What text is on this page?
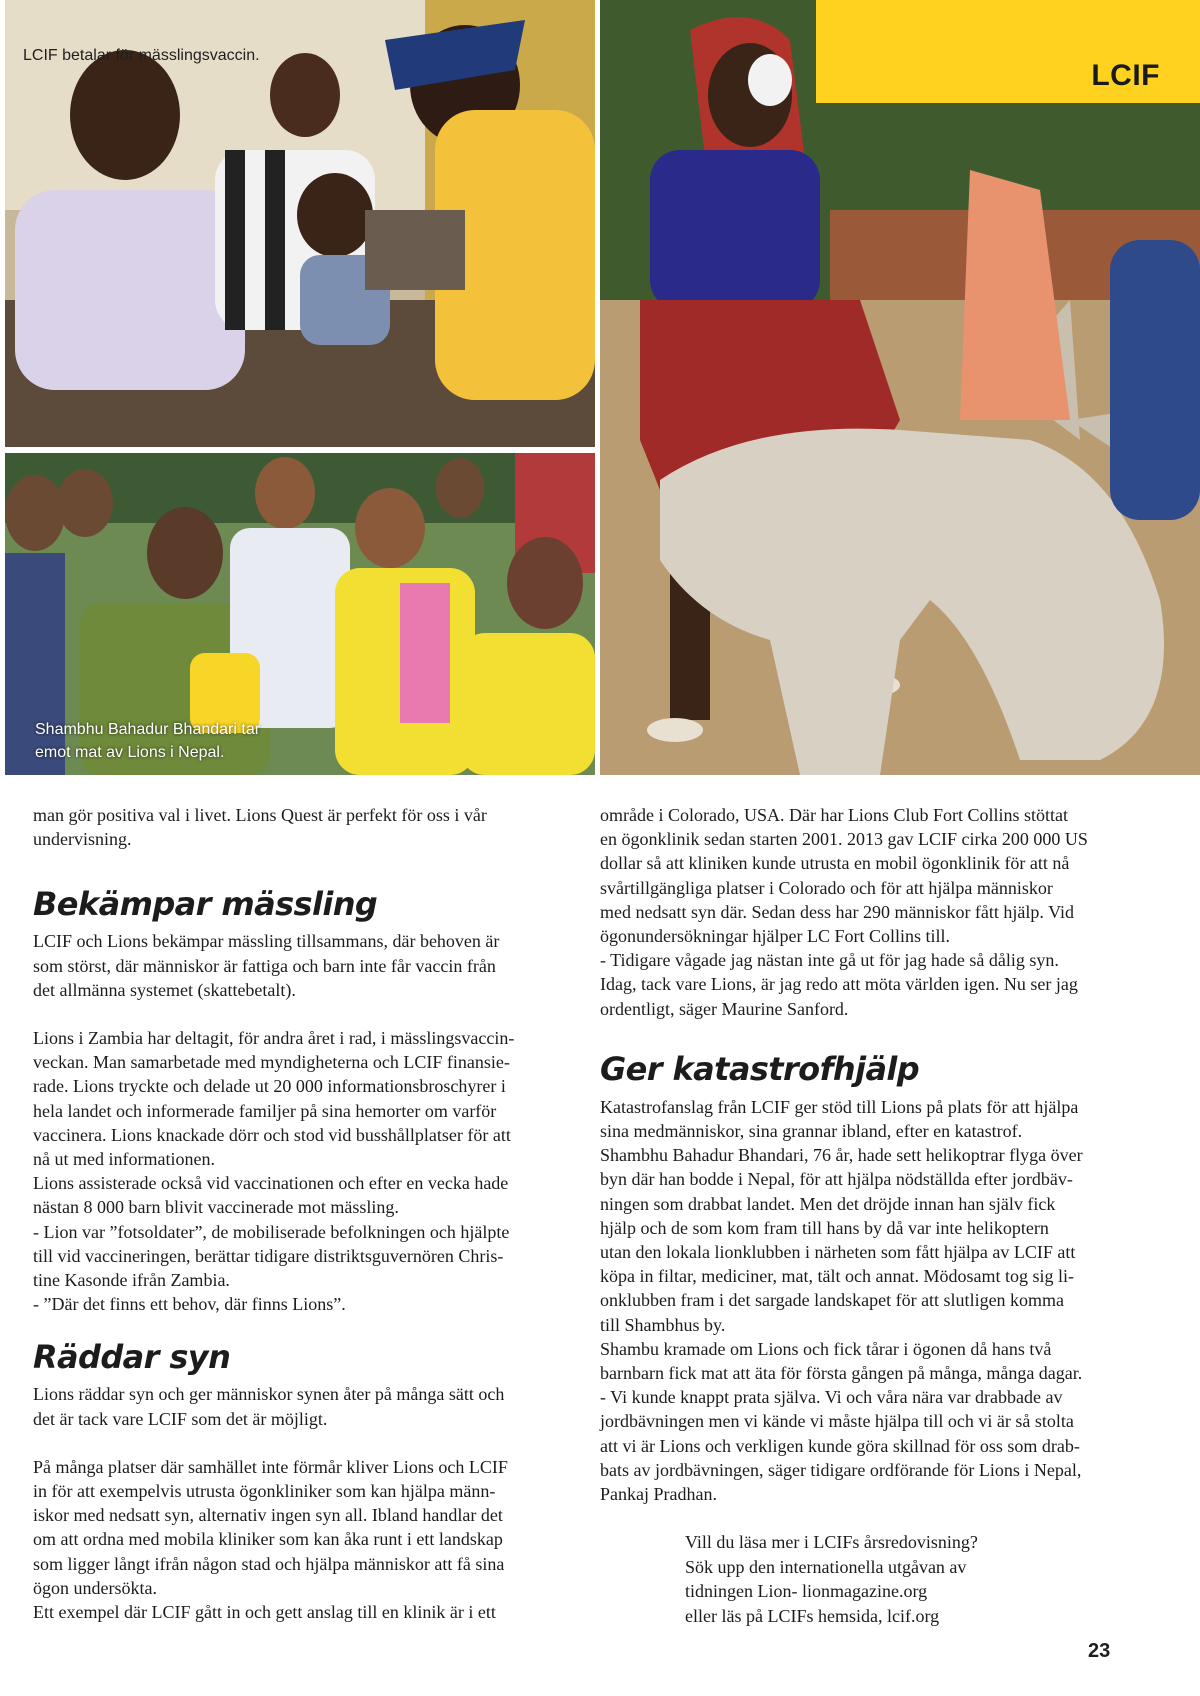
LCIF betalar för mässlingsvaccin.
Shambhu Bahadur Bhandari tar
emot mat av Lions i Nepal.
LCIF

man gör positiva val i livet. Lions Quest är perfekt för oss i vår
undervisning.

Bekämpar mässling

LCIF och Lions bekämpar mässling tillsammans, där behoven är
som störst, där människor är fattiga och barn inte får vaccin från
det allmänna systemet (skattebetalt).

Lions i Zambia har deltagit, för andra året i rad, i mässlingsvaccin-
veckan. Man samarbetade med myndigheterna och LCIF finansie-
rade. Lions tryckte och delade ut 20 000 informationsbroschyrer i
hela landet och informerade familjer på sina hemorter om varför
vaccinera. Lions knackade dörr och stod vid busshållplatser för att
nå ut med informationen.
Lions assisterade också vid vaccinationen och efter en vecka hade
nästan 8 000 barn blivit vaccinerade mot mässling.
- Lion var ”fotsoldater”, de mobiliserade befolkningen och hjälpte
till vid vaccineringen, berättar tidigare distriktsguvernören Chris-
tine Kasonde ifrån Zambia.
- ”Där det finns ett behov, där finns Lions”.

Räddar syn

Lions räddar syn och ger människor synen åter på många sätt och
det är tack vare LCIF som det är möjligt.

På många platser där samhället inte förmår kliver Lions och LCIF
in för att exempelvis utrusta ögonkliniker som kan hjälpa männ-
iskor med nedsatt syn, alternativ ingen syn all. Ibland handlar det
om att ordna med mobila kliniker som kan åka runt i ett landskap
som ligger långt ifrån någon stad och hjälpa människor att få sina
ögon undersökta.
Ett exempel där LCIF gått in och gett anslag till en klinik är i ett

område i Colorado, USA. Där har Lions Club Fort Collins stöttat
en ögonklinik sedan starten 2001. 2013 gav LCIF cirka 200 000 US
dollar så att kliniken kunde utrusta en mobil ögonklinik för att nå
svårtillgängliga platser i Colorado och för att hjälpa människor
med nedsatt syn där. Sedan dess har 290 människor fått hjälp. Vid
ögonundersökningar hjälper LC Fort Collins till.
- Tidigare vågade jag nästan inte gå ut för jag hade så dålig syn.
Idag, tack vare Lions, är jag redo att möta världen igen. Nu ser jag
ordentligt, säger Maurine Sanford.

Ger katastrofhjälp

Katastrofanslag från LCIF ger stöd till Lions på plats för att hjälpa
sina medmänniskor, sina grannar ibland, efter en katastrof.
Shambhu Bahadur Bhandari, 76 år, hade sett helikoptrar flyga över
byn där han bodde i Nepal, för att hjälpa nödställda efter jordbäv-
ningen som drabbat landet. Men det dröjde innan han själv fick
hjälp och de som kom fram till hans by då var inte helikoptern
utan den lokala lionklubben i närheten som fått hjälpa av LCIF att
köpa in filtar, mediciner, mat, tält och annat. Mödosamt tog sig li-
onklubben fram i det sargade landskapet för att slutligen komma
till Shambhus by.
Shambu kramade om Lions och fick tårar i ögonen då hans två
barnbarn fick mat att äta för första gången på många, många dagar.
- Vi kunde knappt prata själva. Vi och våra nära var drabbade av
jordbävningen men vi kände vi måste hjälpa till och vi är så stolta
att vi är Lions och verkligen kunde göra skillnad för oss som drab-
bats av jordbävningen, säger tidigare ordförande för Lions i Nepal,
Pankaj Pradhan.

Vill du läsa mer i LCIFs årsredovisning?
Sök upp den internationella utgåvan av
tidningen Lion- lionmagazine.org
eller läs på LCIFs hemsida, lcif.org
23
